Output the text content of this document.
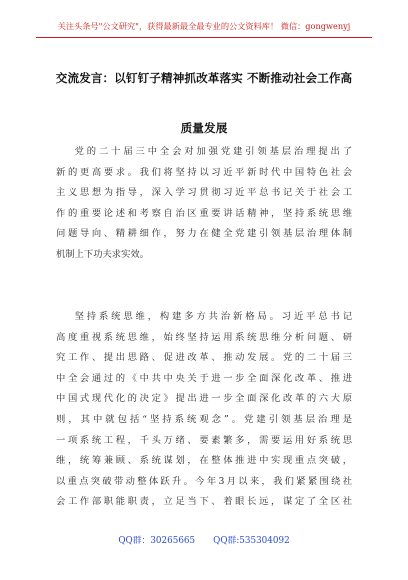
关注头条号"公文研究"，获得最新最全最专业的公文资料库！ 微信：gongwenyj
交流发言：以钉钉子精神抓改革落实 不断推动社会工作高
质量发展
党的二十届三中全会对加强党建引领基层治理提出了
新的更高要求。我们将坚持以习近平新时代中国特色社会
主义思想为指导，深入学习贯彻习近平总书记关于社会工
作的重要论述和考察自治区重要讲话精神，坚持系统思维
问题导向、精耕细作，努力在健全党建引领基层治理体制
机制上下功夫求实效。
坚持系统思维，构建多方共治新格局。习近平总书记
高度重视系统思维，始终坚持运用系统思维分析问题、研
究工作、提出思路、促进改革、推动发展。党的二十届三
中全会通过的《中共中央关于进一步全面深化改革、推进
中国式现代化的决定》提出进一步全面深化改革的六大原
则，其中就包括“坚持系统观念”。党建引领基层治理是
一项系统工程，千头万绪、要素繁多，需要运用好系统思
维，统筹兼顾、系统谋划，在整体推进中实现重点突破，
以重点突破带动整体跃升。今年3月以来，我们紧紧围绕社
会工作部职能职责，立足当下、着眼长远，谋定了全区社
QQ群：30265665 QQ群:535304092
